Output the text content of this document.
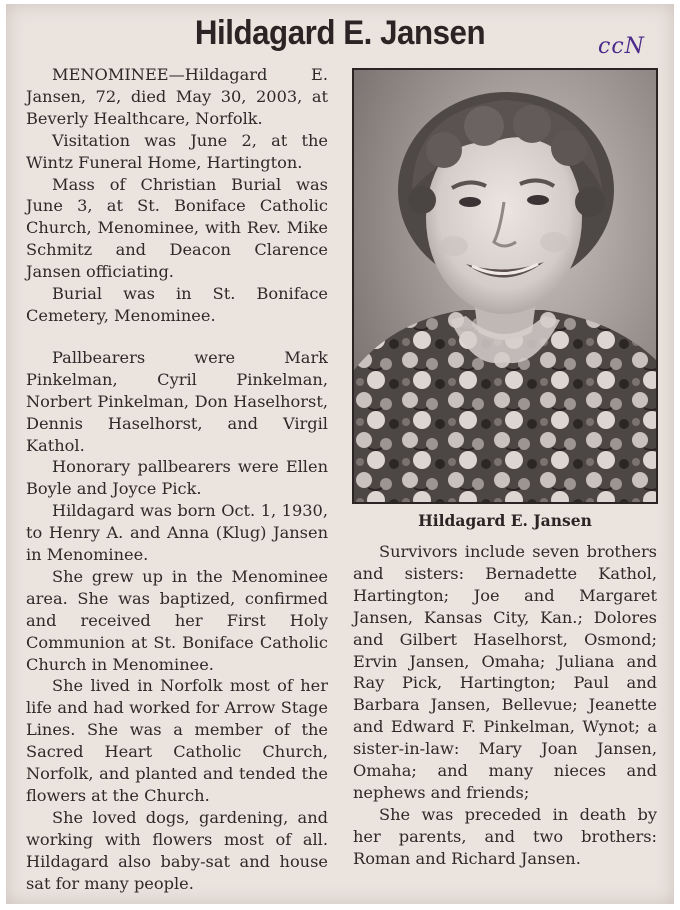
Hildagard E. Jansen	ccN

MENOMINEE—Hildagard E. Jansen, 72, died May 30, 2003, at Beverly Healthcare, Norfolk.

Visitation was June 2, at the Wintz Funeral Home, Hartington.

Mass of Christian Burial was June 3, at St. Boniface Catholic Church, Menominee, with Rev. Mike Schmitz and Deacon Clarence Jansen officiating.

Burial was in St. Boniface Cemetery, Menominee.

Pallbearers were Mark Pinkelman, Cyril Pinkelman, Norbert Pinkelman, Don Haselhorst, Dennis Haselhorst, and Virgil Kathol.

Honorary pallbearers were Ellen Boyle and Joyce Pick.

Hildagard was born Oct. 1, 1930, to Henry A. and Anna (Klug) Jansen in Menominee.

She grew up in the Menominee area. She was baptized, confirmed and received her First Holy Communion at St. Boniface Catholic Church in Menominee.

She lived in Norfolk most of her life and had worked for Arrow Stage Lines. She was a member of the Sacred Heart Catholic Church, Norfolk, and planted and tended the flowers at the Church.

She loved dogs, gardening, and working with flowers most of all. Hildagard also baby-sat and house sat for many people.

Hildagard E. Jansen

Survivors include seven brothers and sisters: Bernadette Kathol, Hartington; Joe and Margaret Jansen, Kansas City, Kan.; Dolores and Gilbert Haselhorst, Osmond; Ervin Jansen, Omaha; Juliana and Ray Pick, Hartington; Paul and Barbara Jansen, Bellevue; Jeanette and Edward F. Pinkelman, Wynot; a sister-in-law: Mary Joan Jansen, Omaha; and many nieces and nephews and friends;

She was preceded in death by her parents, and two brothers: Roman and Richard Jansen.
